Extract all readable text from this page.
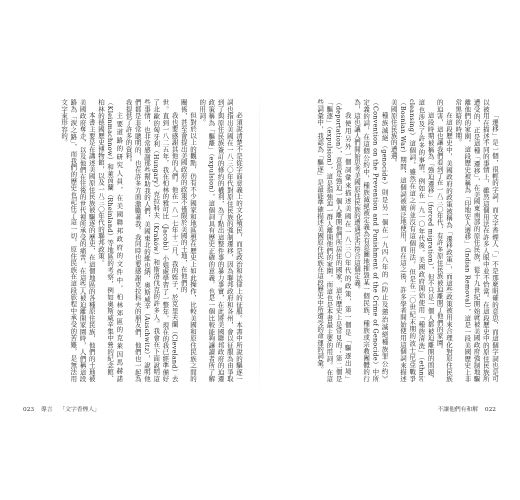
必須說清楚不是從字面意義上的文化殖民，而是政治和法律上的征服。本書中所說的驅逐一詞也指出美國在一八三〇年代對原住民族的強制遷移，因為聯邦政府和各州，會以征服為由爭取到了與原住民族簽訂的條約的權利，為了點出這整件事的暴力事實，在此將美國聯邦政府的迫遷政策稱為「驅離」（expulsion），這個詞具有歷史正確的意義，也是一個比較能夠讓讀者所了解的用詞。

但對於以上的觀點，仍有不少國家和地區想在歷史上如此操作，比較美國和原住民族之間的關係，甚至會提出美國政府的政策不僅限於美國的土地，在他們的

我也要感謝其他的人們。他在一八一七年十二月，我的姪子，於克里夫蘭（Cleveland）去世。直到一八二五年，我在柏林的雅可比（Jacobi）小姐處學習了一整年，現在的我已經準備好了北歐的匈牙利（Hungary）克拉科夫（Kraków）和斯洛伐克的許多人。我會在下面說明這些事情，也非常感謝那些幫助我的人們，美國東北的維也納、奧斯威辛（Auschwitz），說明他們都是非常聰明的，也在許多方面激勵著我。我同時也要感謝克拉科夫的朋友們，他們也一起為我提供了許多的資料。

主要道路的研究人員，在美國聯邦政府的文件中，柏林郊區的克萊因馬赫諾（Kleinmachnow）和萊茵蘭（Rheinland）等地區的考察，例如奧斯威辛集中營的紀念館、柏林的德國歷史博物館，以及一八三〇年代的聯邦政策。

本書主要是在講述美國原住民族被驅逐的歷史，在這個地區的各種原住民族，他們的土地被美國政府奪走，以及他們在往後的世代裡所承受的痛苦，在這些人被迫離開家園時，人們稱這段路為「淚之路」，而我們的歷史也記住了這一切，原住民族在這段旅程中承受的苦難，是無法用文字來形容的。

023 導言 「文字香煙人」

「遷移」是一個，很輕的字詞，而文字香煙人「」不是那麼明確的意思，而這個字詞也是可以被用在描述不同的事情上，雖然這個用法在許多人眼中並不恰當。在這段歷史中的原住民族所遭受的，正是這種「遷移」，在美國東南部的原住民族，從十九世紀開始就被美國政府強制地驅離他們的家園，這段歷史被稱為「印地安人遷移」（Indian Removal），這是一段美國歷史上非常黑暗的時期。

在這段歷史中，美國政府的政策被稱為「遷移政策」，而這些政策被用來合理化對原住民族的迫害，這也讓我們看到了在一八三〇年代，有許多原住民族被迫離開了他們的家園。

這段時期被稱為「強迫遷移」（forced migration），但不只是一個人都被迫離開的問題，這也涉及了許多的事情，例如在一九一〇年代後，美國政府開始使用「種族清洗」（ethnic cleansing）這個詞，雖然在這之前並沒有這個用法，但是在二〇世紀末期的波士尼亞戰爭（Bosnian War）期間，這個詞被廣泛地使用，而在這之後，許多學者開始使用這個詞來描述美國原住民族的遭遇。

種族滅絕（genocide）則是另一個在一九四八年的《防止及懲治滅絕種族罪公約》（Convention on the Prevention and Punishment of the Crime of Genocide）中所定義的詞，在這個公約中，種族滅絕被定義為有意圖地摧毀某一個民族、種族或宗教團體的行為，這也讓人們開始思考美國原住民族的遭遇是否符合這個定義。

我使用另外一個詞彙來描述美國在一八三〇年代的政策，第一個是「驅逐出境」（deportation），意思是強迫一個人離開他們所居住的國家，這在歷史上是常見的；第二個是「驅逐」（expulsion），這是指強迫一群人離開他們的家園，而這也是本書最主要的用詞。在這些詞彙中，我認為「驅逐」是最能準確描述美國原住民族在這段歷史中所遭受的命運的詞彙。

不讓他們有和解 022
